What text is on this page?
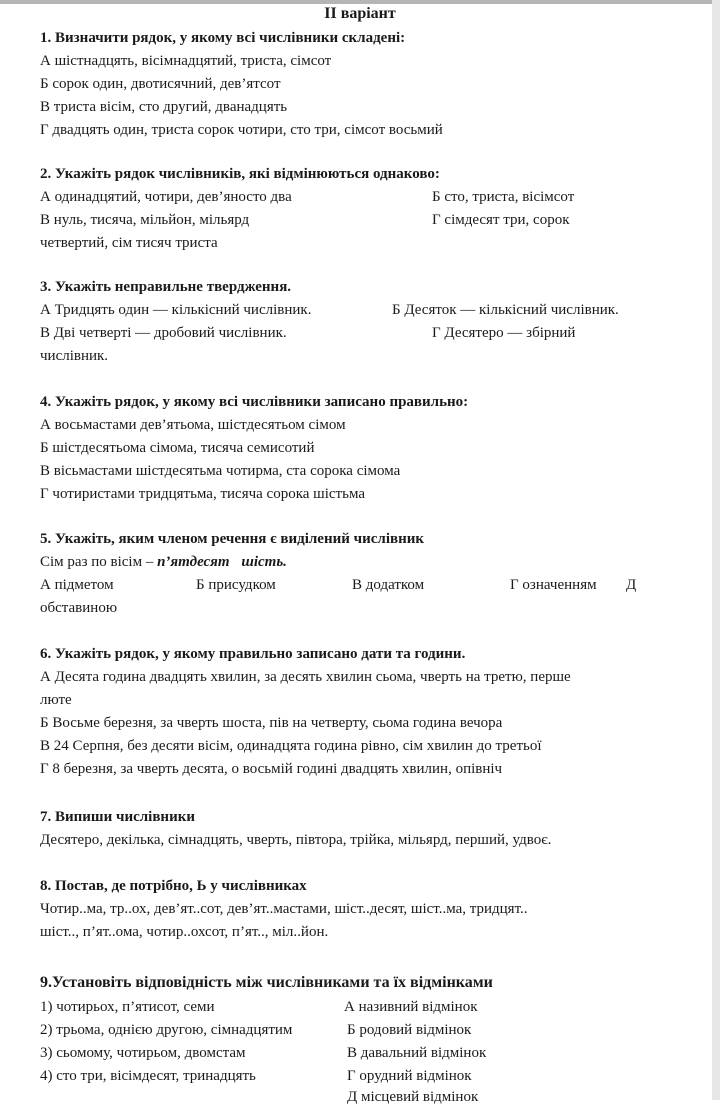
ІІ варіант
1. Визначити рядок, у якому всі числівники складені:
А шістнадцять, вісімнадцятий, триста, сімсот
Б сорок один, двотисячний, дев’ятсот
В триста вісім, сто другий, дванадцять
Г двадцять один, триста сорок чотири, сто три, сімсот восьмий
2. Укажіть рядок числівників, які відмінюються однаково:
А одинадцятий, чотири, дев’яносто два	Б сто, триста, вісімсот
В нуль, тисяча, мільйон, мільярд	Г сімдесят три, сорок
четвертий, сім тисяч триста
3. Укажіть неправильне твердження.
А Тридцять один — кількісний числівник.	Б Десяток — кількісний числівник.
В Дві четверті — дробовий числівник.	Г Десятеро — збірний
числівник.
4. Укажіть рядок, у якому всі числівники записано правильно:
А восьмастами дев’ятьома, шістдесятьом сімом
Б шістдесятьома сімома, тисяча семисотий
В вісьмастами шістдесятьма чотирма, ста сорока сімома
Г чотиристами тридцятьма, тисяча сорока шістьма
5. Укажіть, яким членом речення є виділений числівник
Сім раз по вісім – п’ятдесят шість.
А підметом	Б присудком	В додатком	Г означенням Д
обставиною
6. Укажіть рядок, у якому правильно записано дати та години.
А Десята година двадцять хвилин, за десять хвилин сьома, чверть на третю, перше
люте
Б Восьме березня, за чверть шоста, пів на четверту, сьома година вечора
В 24 Серпня, без десяти вісім, одинадцята година рівно, сім хвилин до третьої
Г 8 березня, за чверть десята, о восьмій годині двадцять хвилин, опівніч
7. Випиши числівники
Десятеро, декілька, сімнадцять, чверть, півтора, трійка, мільярд, перший, удвоє.
8. Постав, де потрібно, Ь у числівниках
Чотир..ма, тр..ох, дев’ят..сот, дев’ят..мастами, шіст..десят, шіст..ма, тридцят..
шіст.., п’ят..ома, чотир..охсот, п’ят.., міл..йон.
9.Установіть відповідність між числівниками та їх відмінками
1) чотирьох, п’ятисот, семи	А називний відмінок
2) трьома, однією другою, сімнадцятим	Б родовий відмінок
3) сьомому, чотирьом, двомстам	В давальний відмінок
4) сто три, вісімдесят, тринадцять	Г орудний відмінок
Д місцевий відмінок
